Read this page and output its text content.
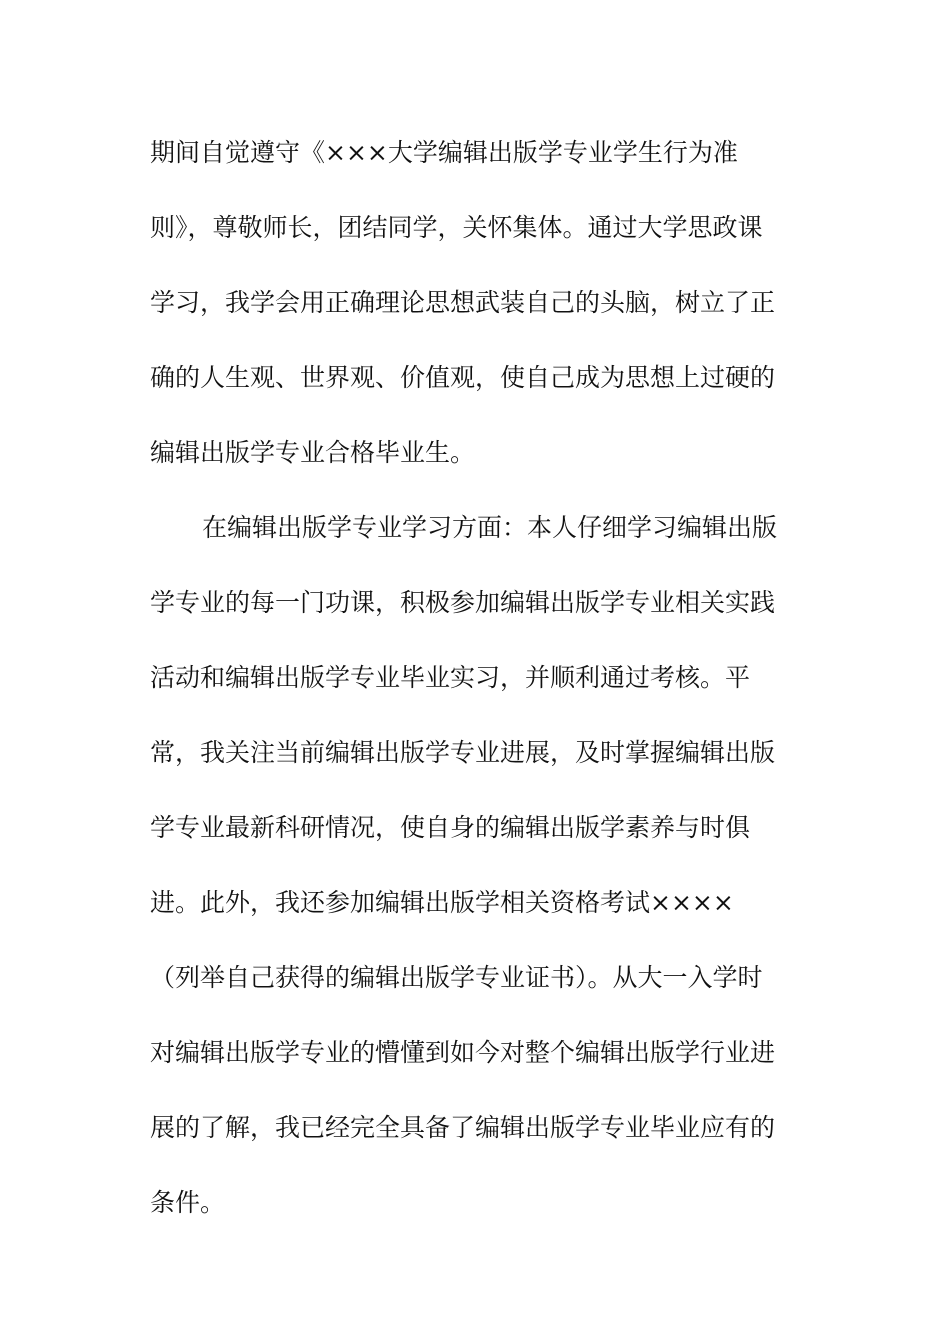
期间自觉遵守《×××大学编辑出版学专业学生行为准
则》，尊敬师长，团结同学，关怀集体。通过大学思政课
学习，我学会用正确理论思想武装自己的头脑，树立了正
确的人生观、世界观、价值观，使自己成为思想上过硬的
编辑出版学专业合格毕业生。
在编辑出版学专业学习方面：本人仔细学习编辑出版
学专业的每一门功课，积极参加编辑出版学专业相关实践
活动和编辑出版学专业毕业实习，并顺利通过考核。平
常，我关注当前编辑出版学专业进展，及时掌握编辑出版
学专业最新科研情况，使自身的编辑出版学素养与时俱
进。此外，我还参加编辑出版学相关资格考试××××
（列举自己获得的编辑出版学专业证书）。从大一入学时
对编辑出版学专业的懵懂到如今对整个编辑出版学行业进
展的了解，我已经完全具备了编辑出版学专业毕业应有的
条件。
